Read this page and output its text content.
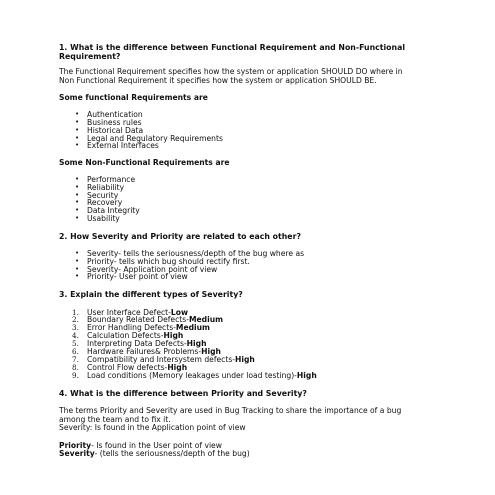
1. What is the difference between Functional Requirement and Non-Functional Requirement?
The Functional Requirement specifies how the system or application SHOULD DO where in
Non Functional Requirement it specifies how the system or application SHOULD BE.
Some functional Requirements are
• Authentication
• Business rules
• Historical Data
• Legal and Regulatory Requirements
• External Interfaces
Some Non-Functional Requirements are
• Performance
• Reliability
• Security
• Recovery
• Data Integrity
• Usability
2. How Severity and Priority are related to each other?
• Severity- tells the seriousness/depth of the bug where as
• Priority- tells which bug should rectify first.
• Severity- Application point of view
• Priority- User point of view
3. Explain the different types of Severity?
1. User Interface Defect-Low
2. Boundary Related Defects-Medium
3. Error Handling Defects-Medium
4. Calculation Defects-High
5. Interpreting Data Defects-High
6. Hardware Failures& Problems-High
7. Compatibility and Intersystem defects-High
8. Control Flow defects-High
9. Load conditions (Memory leakages under load testing)-High
4. What is the difference between Priority and Severity?
The terms Priority and Severity are used in Bug Tracking to share the importance of a bug
among the team and to fix it.
Severity: Is found in the Application point of view
Priority- Is found in the User point of view
Severity- (tells the seriousness/depth of the bug)
